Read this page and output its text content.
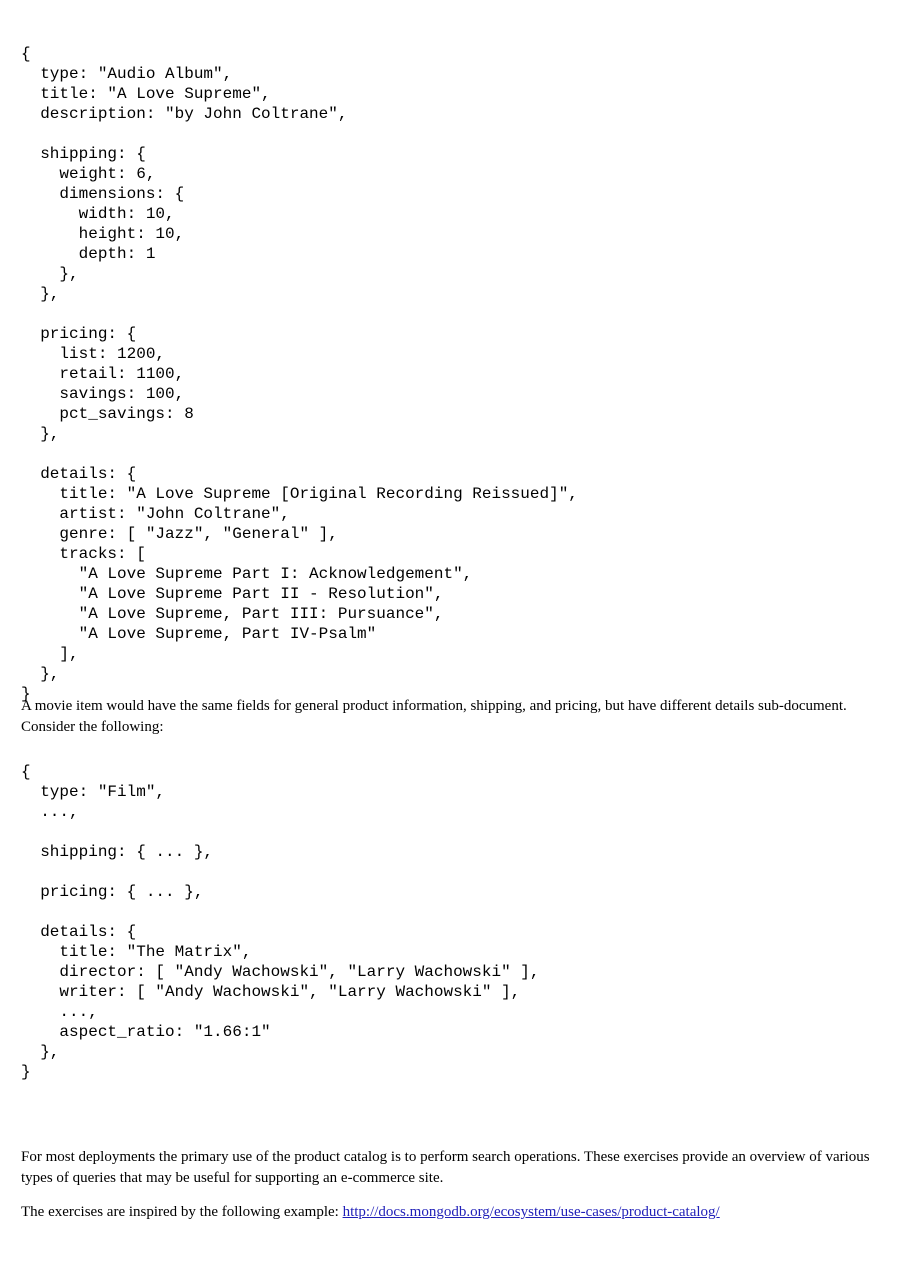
{
type: "Audio Album",
title: "A Love Supreme",
description: "by John Coltrane",

shipping: {
weight: 6,
dimensions: {
width: 10,
height: 10,
depth: 1
},
},

pricing: {
list: 1200,
retail: 1100,
savings: 100,
pct_savings: 8
},

details: {
title: "A Love Supreme [Original Recording Reissued]",
artist: "John Coltrane",
genre: [ "Jazz", "General" ],
tracks: [
"A Love Supreme Part I: Acknowledgement",
"A Love Supreme Part II - Resolution",
"A Love Supreme, Part III: Pursuance",
"A Love Supreme, Part IV-Psalm"
],
},
}

A movie item would have the same fields for general product information, shipping, and pricing, but have different details sub-document. Consider the following:

{
type: "Film",
...,

shipping: { ... },

pricing: { ... },

details: {
title: "The Matrix",
director: [ "Andy Wachowski", "Larry Wachowski" ],
writer: [ "Andy Wachowski", "Larry Wachowski" ],
...,
aspect_ratio: "1.66:1"
},
}

For most deployments the primary use of the product catalog is to perform search operations. These exercises provide an overview of various types of queries that may be useful for supporting an e-commerce site.

The exercises are inspired by the following example: http://docs.mongodb.org/ecosystem/use-cases/product-catalog/
